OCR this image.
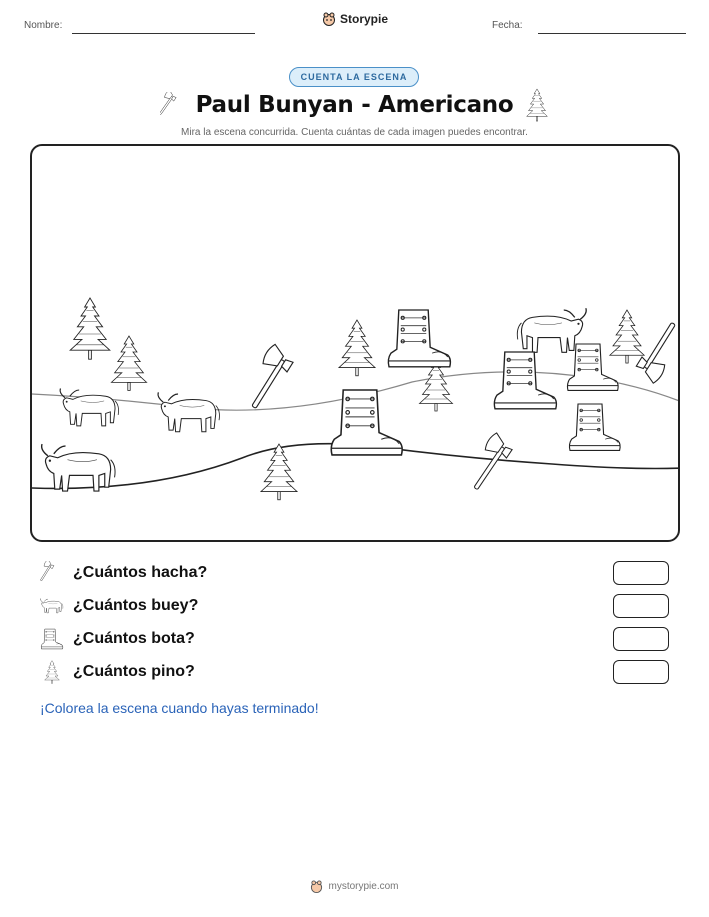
Nombre:	Storypie	Fecha:
CUENTA LA ESCENA
Paul Bunyan - Americano
Mira la escena concurrida. Cuenta cuántas de cada imagen puedes encontrar.
¿Cuántos hacha?
¿Cuántos buey?
¿Cuántos bota?
¿Cuántos pino?
¡Colorea la escena cuando hayas terminado!
mystorypie.com
